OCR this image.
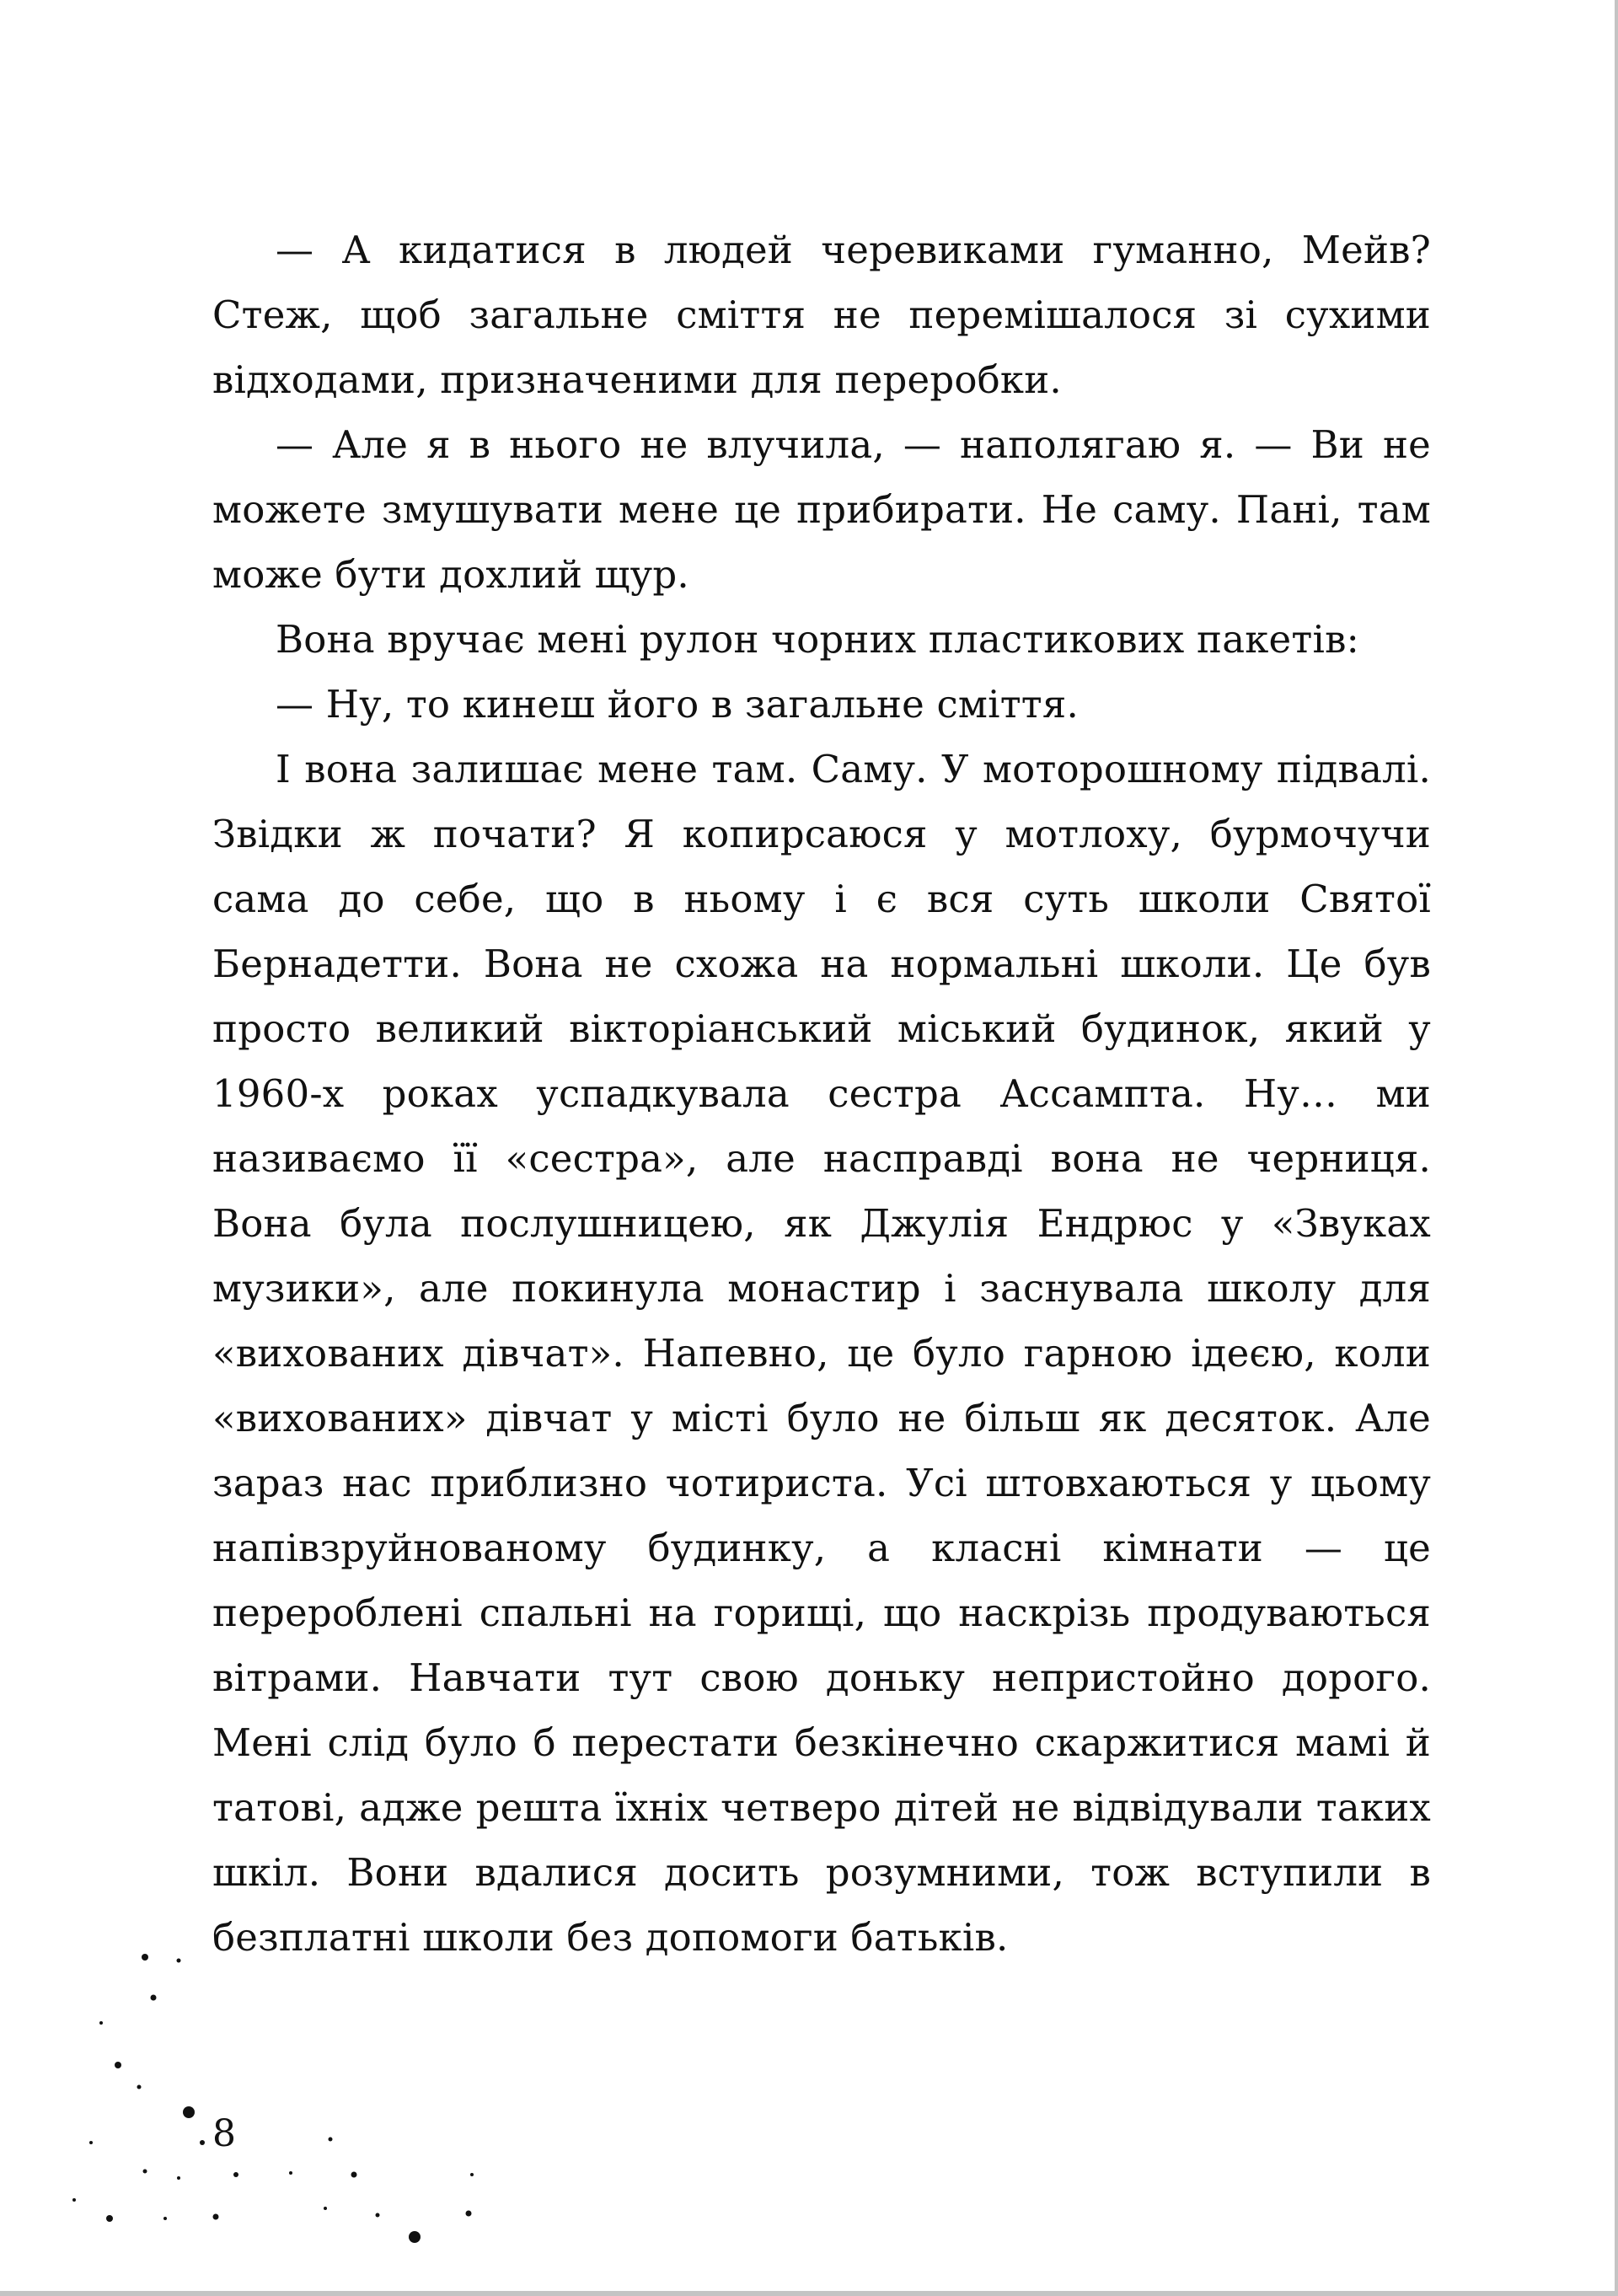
— А кидатися в людей черевиками гуманно, Мейв? Стеж, щоб загальне сміття не перемішалося зі сухими відходами, призначеними для переробки.

— Але я в нього не влучила, — наполягаю я. — Ви не можете змушувати мене це прибирати. Не саму. Пані, там може бути дохлий щур.

Вона вручає мені рулон чорних пластикових пакетів:

— Ну, то кинеш його в загальне сміття.

І вона залишає мене там. Саму. У моторошному підвалі. Звідки ж почати? Я копирсаюся у мотлоху, бурмочучи сама до себе, що в ньому і є вся суть школи Святої Бернадетти. Вона не схожа на нормальні школи. Це був просто великий вікторіанський міський будинок, який у 1960-х роках успадкувала сестра Ассампта. Ну… ми називаємо її «сестра», але насправді вона не черниця. Вона була послушницею, як Джулія Ендрюс у «Звуках музики», але покинула монастир і заснувала школу для «вихованих дівчат». Напевно, це було гарною ідеєю, коли «вихованих» дівчат у місті було не більш як десяток. Але зараз нас приблизно чотириста. Усі штовхаються у цьому напівзруйнованому будинку, а класні кімнати — це перероблені спальні на горищі, що наскрізь продуваються вітрами. Навчати тут свою доньку непристойно дорого. Мені слід було б перестати безкінечно скаржитися мамі й татові, адже решта їхніх четверо дітей не відвідували таких шкіл. Вони вдалися досить розумними, тож вступили в безплатні школи без допомоги батьків.

8
